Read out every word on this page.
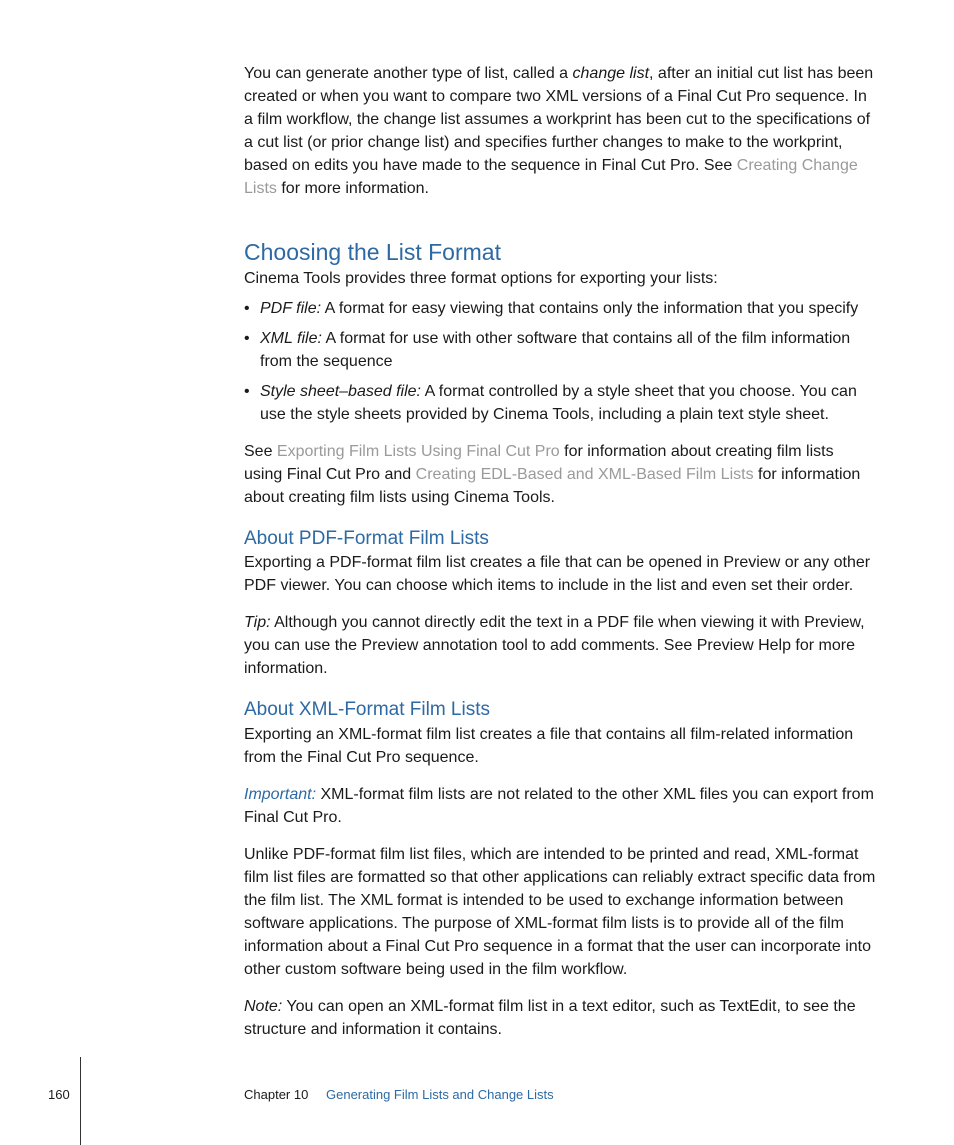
You can generate another type of list, called a change list, after an initial cut list has been created or when you want to compare two XML versions of a Final Cut Pro sequence. In a film workflow, the change list assumes a workprint has been cut to the specifications of a cut list (or prior change list) and specifies further changes to make to the workprint, based on edits you have made to the sequence in Final Cut Pro. See Creating Change Lists for more information.

Choosing the List Format

Cinema Tools provides three format options for exporting your lists:

• PDF file: A format for easy viewing that contains only the information that you specify
• XML file: A format for use with other software that contains all of the film information from the sequence
• Style sheet–based file: A format controlled by a style sheet that you choose. You can use the style sheets provided by Cinema Tools, including a plain text style sheet.

See Exporting Film Lists Using Final Cut Pro for information about creating film lists using Final Cut Pro and Creating EDL-Based and XML-Based Film Lists for information about creating film lists using Cinema Tools.

About PDF-Format Film Lists

Exporting a PDF-format film list creates a file that can be opened in Preview or any other PDF viewer. You can choose which items to include in the list and even set their order.

Tip: Although you cannot directly edit the text in a PDF file when viewing it with Preview, you can use the Preview annotation tool to add comments. See Preview Help for more information.

About XML-Format Film Lists

Exporting an XML-format film list creates a file that contains all film-related information from the Final Cut Pro sequence.

Important: XML-format film lists are not related to the other XML files you can export from Final Cut Pro.

Unlike PDF-format film list files, which are intended to be printed and read, XML-format film list files are formatted so that other applications can reliably extract specific data from the film list. The XML format is intended to be used to exchange information between software applications. The purpose of XML-format film lists is to provide all of the film information about a Final Cut Pro sequence in a format that the user can incorporate into other custom software being used in the film workflow.

Note: You can open an XML-format film list in a text editor, such as TextEdit, to see the structure and information it contains.

160	Chapter 10 Generating Film Lists and Change Lists
